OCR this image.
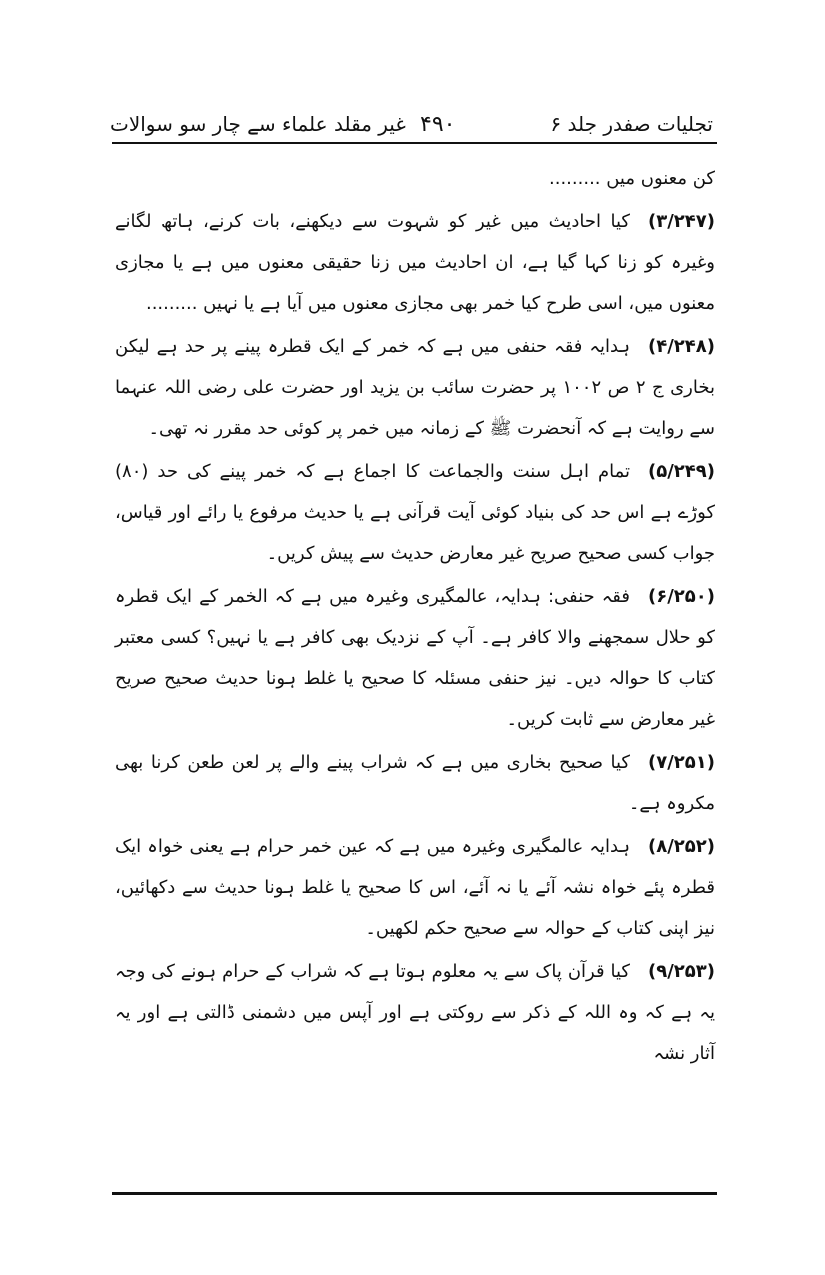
تجلیات صفدر جلد ۶
۴۹۰
غیر مقلد علماء سے چار سو سوالات

کن معنوں میں .........

(۳/۲۴۷)کیا احادیث میں غیر کو شہوت سے دیکھنے، بات کرنے، ہاتھ لگانے وغیرہ کو زنا کہا گیا ہے، ان احادیث میں زنا حقیقی معنوں میں ہے یا مجازی معنوں میں، اسی طرح کیا خمر بھی مجازی معنوں میں آیا ہے یا نہیں .........

(۴/۲۴۸)ہدایہ فقہ حنفی میں ہے کہ خمر کے ایک قطرہ پینے پر حد ہے لیکن بخاری ج ۲ ص ۱۰۰۲ پر حضرت سائب بن یزید اور حضرت علی رضی اللہ عنہما سے روایت ہے کہ آنحضرت ﷺ کے زمانہ میں خمر پر کوئی حد مقرر نہ تھی۔

(۵/۲۴۹)تمام اہل سنت والجماعت کا اجماع ہے کہ خمر پینے کی حد (۸۰) کوڑے ہے اس حد کی بنیاد کوئی آیت قرآنی ہے یا حدیث مرفوع یا رائے اور قیاس، جواب کسی صحیح صریح غیر معارض حدیث سے پیش کریں۔

(۶/۲۵۰)فقہ حنفی: ہدایہ، عالمگیری وغیرہ میں ہے کہ الخمر کے ایک قطرہ کو حلال سمجھنے والا کافر ہے۔ آپ کے نزدیک بھی کافر ہے یا نہیں؟ کسی معتبر کتاب کا حوالہ دیں۔ نیز حنفی مسئلہ کا صحیح یا غلط ہونا حدیث صحیح صریح غیر معارض سے ثابت کریں۔

(۷/۲۵۱)کیا صحیح بخاری میں ہے کہ شراب پینے والے پر لعن طعن کرنا بھی مکروہ ہے۔

(۸/۲۵۲)ہدایہ عالمگیری وغیرہ میں ہے کہ عین خمر حرام ہے یعنی خواہ ایک قطرہ پئے خواہ نشہ آئے یا نہ آئے، اس کا صحیح یا غلط ہونا حدیث سے دکھائیں، نیز اپنی کتاب کے حوالہ سے صحیح حکم لکھیں۔

(۹/۲۵۳)کیا قرآن پاک سے یہ معلوم ہوتا ہے کہ شراب کے حرام ہونے کی وجہ یہ ہے کہ وہ اللہ کے ذکر سے روکتی ہے اور آپس میں دشمنی ڈالتی ہے اور یہ آثار نشہ
